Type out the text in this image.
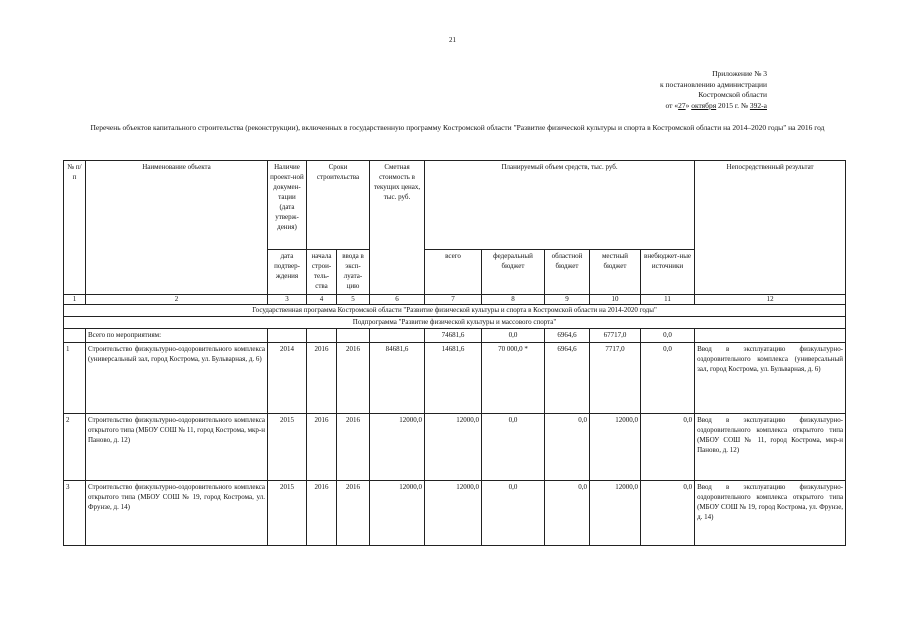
21
Приложение № 3
к постановлению администрации
Костромской области
от «27» октября 2015 г. № 392-а
Перечень объектов капитального строительства (реконструкции), включенных в государственную программу Костромской области "Развитие физической культуры и спорта в Костромской области на 2014–2020 годы" на 2016 год
№ п/п	Наименование объекта	Наличие проект-ной докумен-тации (дата утверж-дения)	Сроки строительства		Сметная стоимость в текущих ценах, тыс. руб.	Планируемый объем средств, тыс. руб.					Непосредственный результат
		дата подтвер-ждения	начала строи-тель-ства	ввода в эксп-луата-цию		всего	федеральный бюджет	областной бюджет	местный бюджет	внебюджет-ные источники	
1	2	3	4	5	6	7	8	9	10	11	12
Государственная программа Костромской области "Развитие физической культуры и спорта в Костромской области на 2014-2020 годы"											
Подпрограмма "Развитие физической культуры и массового спорта"											
	Всего по мероприятиям:					74681,6	0,0	6964,6	67717,0	0,0	
1	Строительство физкультурно-оздоровительного комплекса (универсальный зал, город Кострома, ул. Бульварная, д. 6)	2014	2016	2016	84681,6	14681,6	70 000,0 *	6964,6	7717,0	0,0	Ввод в эксплуатацию физкультурно-оздоровительного комплекса (универсальный зал, город Кострома, ул. Бульварная, д. 6)
2	Строительство физкультурно-оздоровительного комплекса открытого типа (МБОУ СОШ № 11, город Кострома, мкр-н Паново, д. 12)	2015	2016	2016	12000,0	12000,0	0,0	0,0	12000,0	0,0	Ввод в эксплуатацию физкультурно-оздоровительного комплекса открытого типа (МБОУ СОШ № 11, город Кострома, мкр-н Паново, д. 12)
3	Строительство физкультурно-оздоровительного комплекса открытого типа (МБОУ СОШ № 19, город Кострома, ул. Фрунзе, д. 14)	2015	2016	2016	12000,0	12000,0	0,0	0,0	12000,0	0,0	Ввод в эксплуатацию физкультурно-оздоровительного комплекса открытого типа (МБОУ СОШ № 19, город Кострома, ул. Фрунзе, д. 14)
